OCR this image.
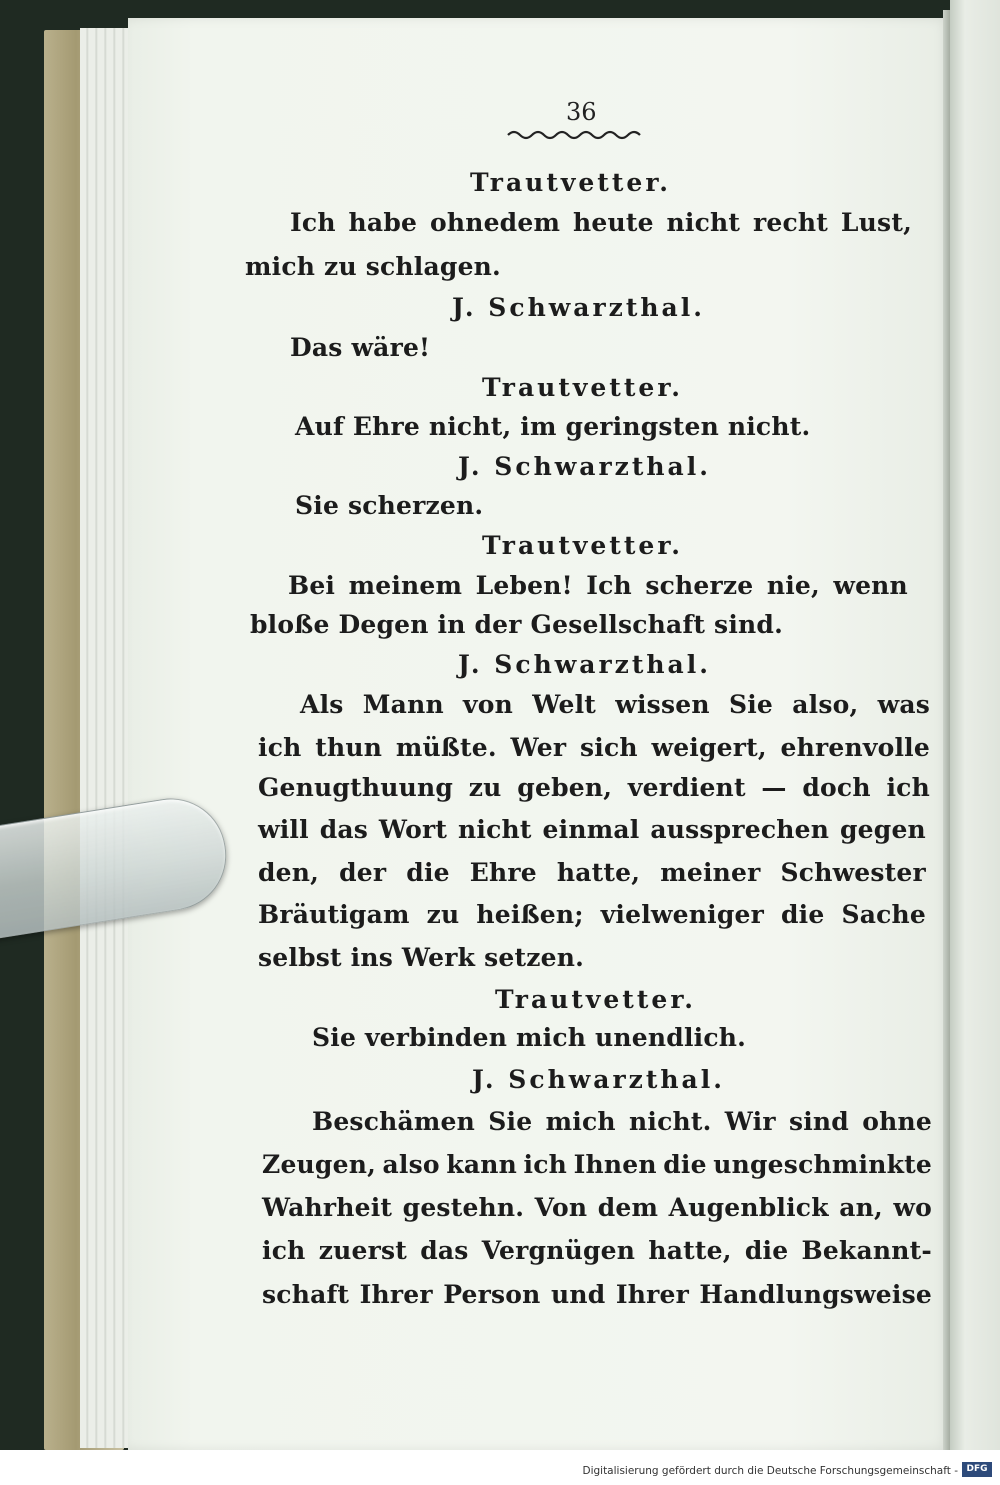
36
Trautvetter.
Ich habe ohnedem heute nicht recht Lust,
mich zu schlagen.
J. Schwarzthal.
Das wäre!
Trautvetter.
Auf Ehre nicht, im geringsten nicht.
J. Schwarzthal.
Sie scherzen.
Trautvetter.
Bei meinem Leben! Ich scherze nie, wenn
bloße Degen in der Gesellschaft sind.
J. Schwarzthal.
Als Mann von Welt wissen Sie also, was
ich thun müßte. Wer sich weigert, ehrenvolle
Genugthuung zu geben, verdient — doch ich
will das Wort nicht einmal aussprechen gegen
den, der die Ehre hatte, meiner Schwester
Bräutigam zu heißen; vielweniger die Sache
selbst ins Werk setzen.
Trautvetter.
Sie verbinden mich unendlich.
J. Schwarzthal.
Beschämen Sie mich nicht. Wir sind ohne
Zeugen, also kann ich Ihnen die ungeschminkte
Wahrheit gestehn. Von dem Augenblick an, wo
ich zuerst das Vergnügen hatte, die Bekannt-
schaft Ihrer Person und Ihrer Handlungsweise
Digitalisierung gefördert durch die Deutsche Forschungsgemeinschaft - DFG
